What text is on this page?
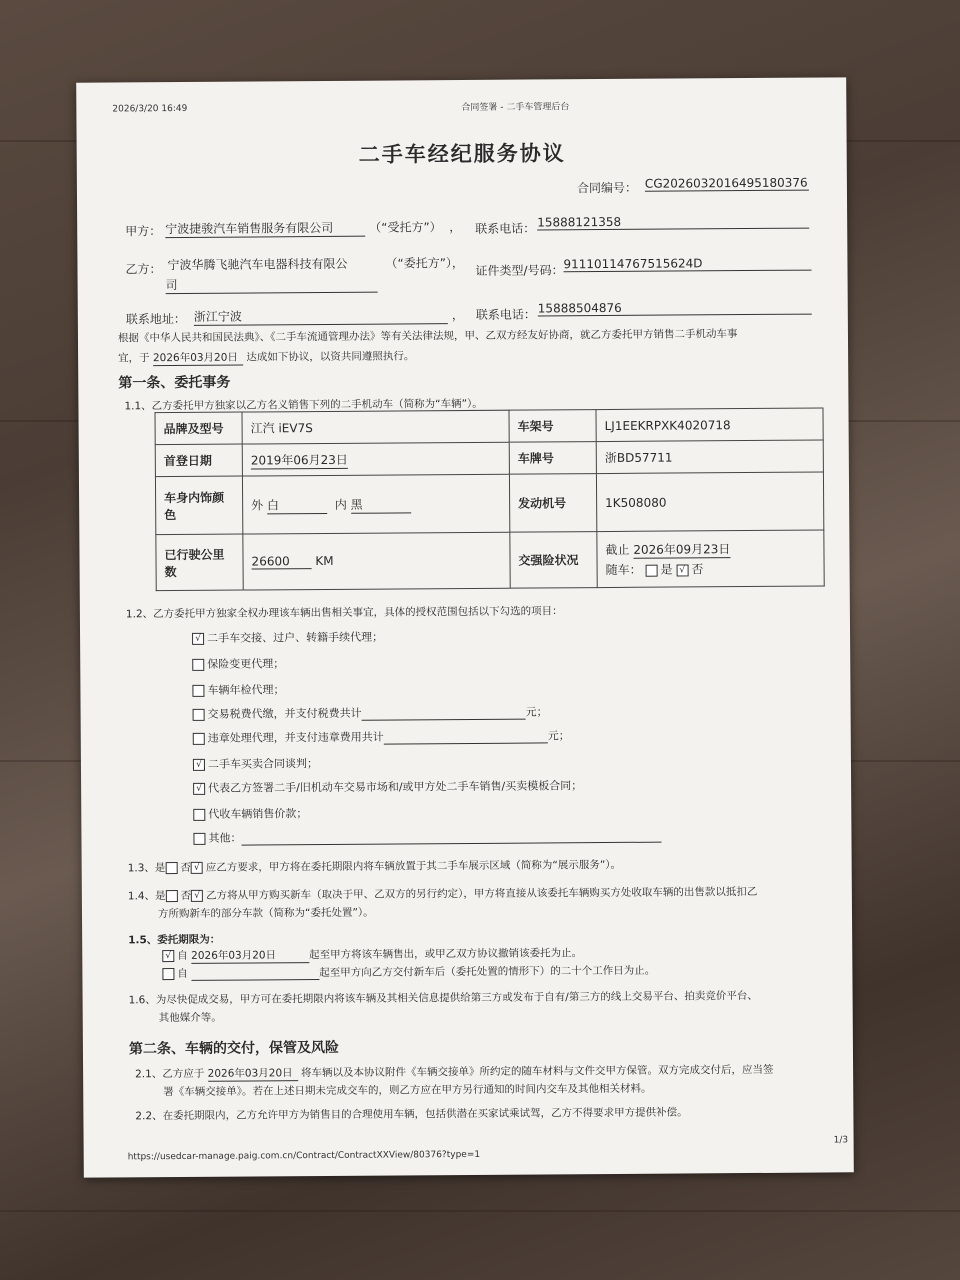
2026/3/20 16:49	合同签署 - 二手车管理后台
二手车经纪服务协议
合同编号： CG2026032016495180376
甲方： 宁波捷骏汽车销售服务有限公司	（“受托方”） ， 联系电话： 15888121358
乙方： 宁波华腾飞驰汽车电器科技有限公
司
（“委托方”），
证件类型/号码： 91110114767515624D
联系地址： 浙江宁波	， 联系电话： 15888504876
根据《中华人民共和国民法典》、《二手车流通管理办法》等有关法律法规，甲、乙双方经友好协商，就乙方委托甲方销售二手机动车事
宜，于 2026年03月20日 达成如下协议，以资共同遵照执行。
第一条、委托事务
1.1、乙方委托甲方独家以乙方名义销售下列的二手机动车（简称为“车辆”）。
品牌及型号	江汽 iEV7S	车架号	LJ1EEKRPXK4020718
首登日期	2019年06月23日	车牌号	浙BD57711
车身内饰颜色	外 白 内 黑	发动机号	1K508080
已行驶公里数	26600 KM	交强险状况	截止 2026年09月23日
随车： 是 √ 否
1.2、乙方委托甲方独家全权办理该车辆出售相关事宜，具体的授权范围包括以下勾选的项目：
√ 二手车交接、过户、转籍手续代理；
保险变更代理；
车辆年检代理；
交易税费代缴，并支付税费共计	元；
违章处理代理，并支付违章费用共计	元；
√ 二手车买卖合同谈判；
√ 代表乙方签署二手/旧机动车交易市场和/或甲方处二手车销售/买卖模板合同；
代收车辆销售价款；
其他：
1.3、是 否 √ 应乙方要求，甲方将在委托期限内将车辆放置于其二手车展示区域（简称为“展示服务”）。
1.4、是 否 √ 乙方将从甲方购买新车（取决于甲、乙双方的另行约定），甲方将直接从该委托车辆购买方处收取车辆的出售款以抵扣乙
方所购新车的部分车款（简称为“委托处置”）。
1.5、委托期限为：
√ 自 2026年03月20日	起至甲方将该车辆售出，或甲乙双方协议撤销该委托为止。
自	起至甲方向乙方交付新车后（委托处置的情形下）的二十个工作日为止。
1.6、为尽快促成交易，甲方可在委托期限内将该车辆及其相关信息提供给第三方或发布于自有/第三方的线上交易平台、拍卖竞价平台、
其他媒介等。
第二条、车辆的交付，保管及风险
2.1、乙方应于 2026年03月20日 将车辆以及本协议附件《车辆交接单》所约定的随车材料与文件交甲方保管。双方完成交付后，应当签
署《车辆交接单》。若在上述日期未完成交车的，则乙方应在甲方另行通知的时间内交车及其他相关材料。
2.2、在委托期限内，乙方允许甲方为销售目的合理使用车辆，包括供潜在买家试乘试驾，乙方不得要求甲方提供补偿。
https://usedcar-manage.paig.com.cn/Contract/ContractXXView/80376?type=1
1/3
